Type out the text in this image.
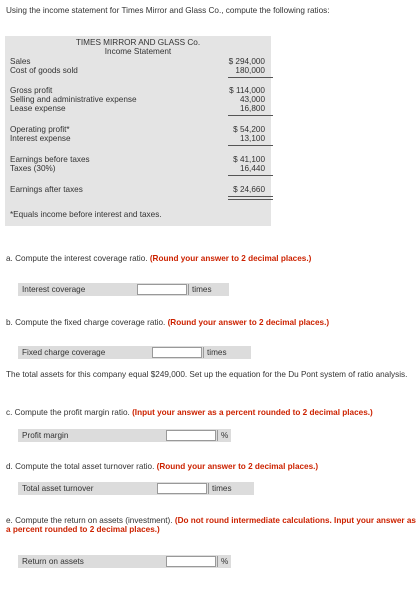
Using the income statement for Times Mirror and Glass Co., compute the following ratios:
TIMES MIRROR AND GLASS Co.
Income Statement
Sales	$ 294,000
Cost of goods sold	180,000
Gross profit	$ 114,000
Selling and administrative expense	43,000
Lease expense	16,800
Operating profit*	$ 54,200
Interest expense	13,100
Earnings before taxes	$ 41,100
Taxes (30%)	16,440
Earnings after taxes	$ 24,660
*Equals income before interest and taxes.
a. Compute the interest coverage ratio. (Round your answer to 2 decimal places.)
Interest coverage	times
b. Compute the fixed charge coverage ratio. (Round your answer to 2 decimal places.)
Fixed charge coverage	times
The total assets for this company equal $249,000. Set up the equation for the Du Pont system of ratio analysis.
c. Compute the profit margin ratio. (Input your answer as a percent rounded to 2 decimal places.)
Profit margin	%
d. Compute the total asset turnover ratio. (Round your answer to 2 decimal places.)
Total asset turnover	times
e. Compute the return on assets (investment). (Do not round intermediate calculations. Input your answer as a percent rounded to 2 decimal places.)
Return on assets	%
